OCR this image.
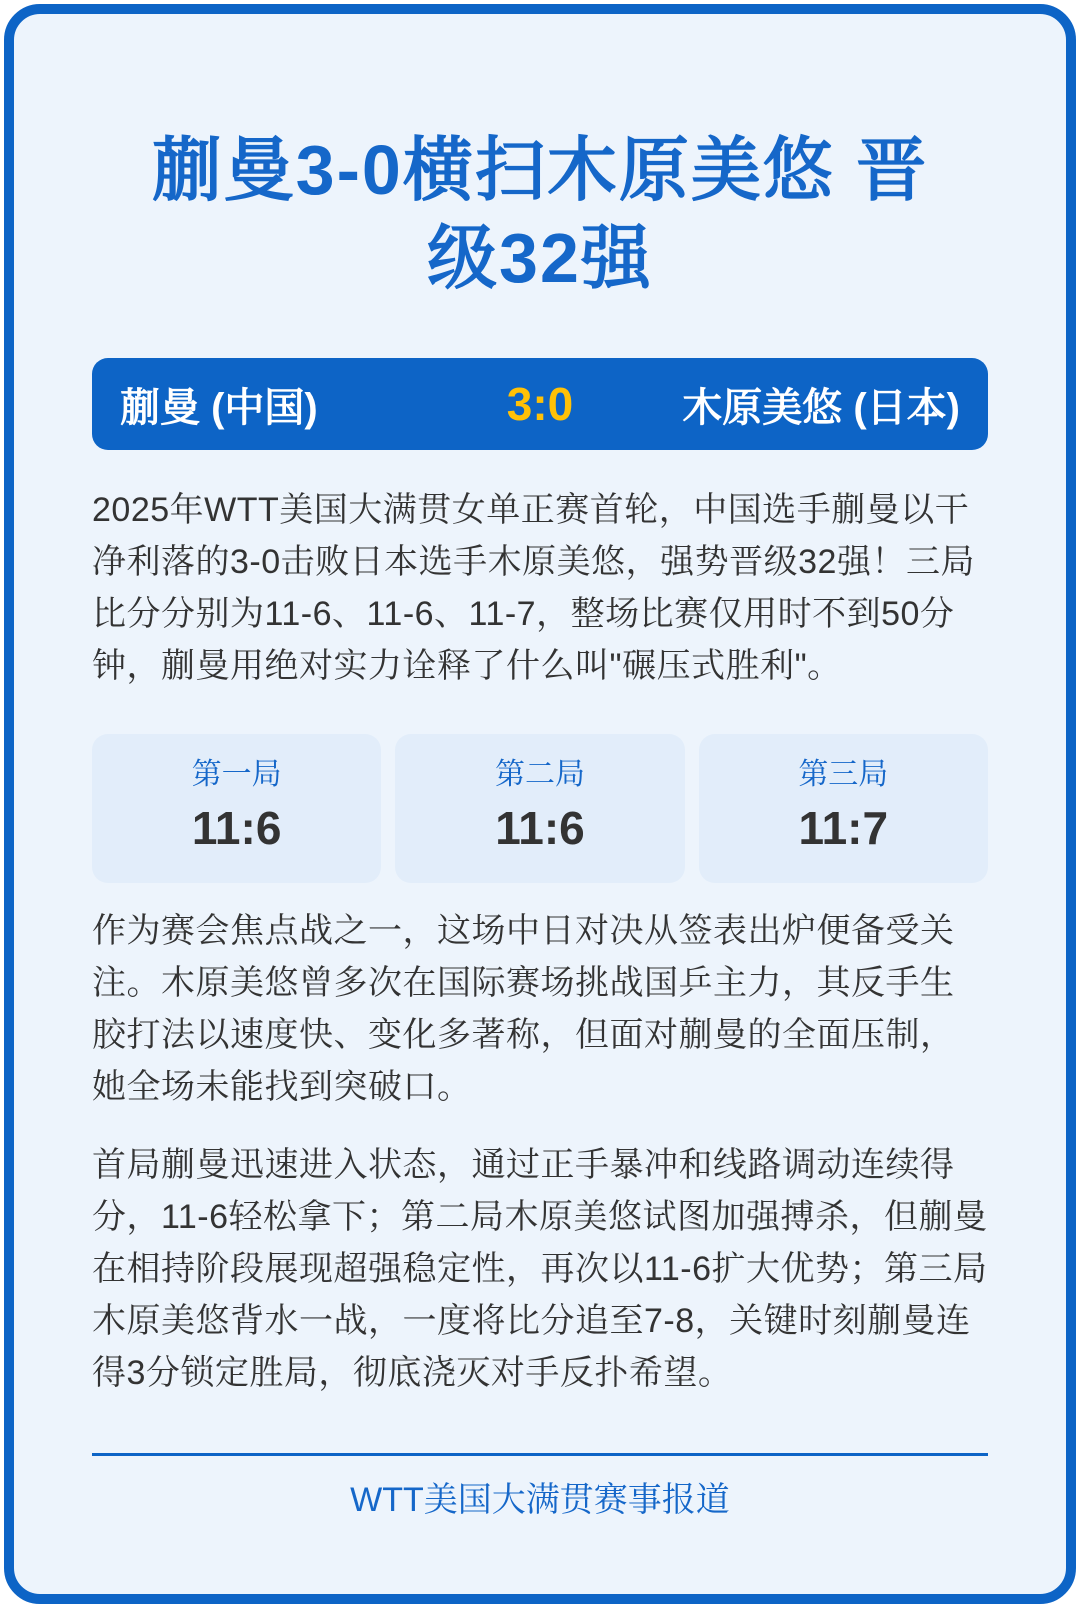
蒯曼3-0横扫木原美悠 晋
级32强
蒯曼 (中国)	3:0	木原美悠 (日本)

2025年WTT美国大满贯女单正赛首轮，中国选手蒯曼以干净利落的3-0击败日本选手木原美悠，强势晋级32强！三局比分分别为11-6、11-6、11-7，整场比赛仅用时不到50分钟，蒯曼用绝对实力诠释了什么叫"碾压式胜利"。

第一局
11:6
第二局
11:6
第三局
11:7

作为赛会焦点战之一，这场中日对决从签表出炉便备受关注。木原美悠曾多次在国际赛场挑战国乒主力，其反手生胶打法以速度快、变化多著称，但面对蒯曼的全面压制，她全场未能找到突破口。

首局蒯曼迅速进入状态，通过正手暴冲和线路调动连续得分，11-6轻松拿下；第二局木原美悠试图加强搏杀，但蒯曼在相持阶段展现超强稳定性，再次以11-6扩大优势；第三局木原美悠背水一战，一度将比分追至7-8，关键时刻蒯曼连得3分锁定胜局，彻底浇灭对手反扑希望。

WTT美国大满贯赛事报道
